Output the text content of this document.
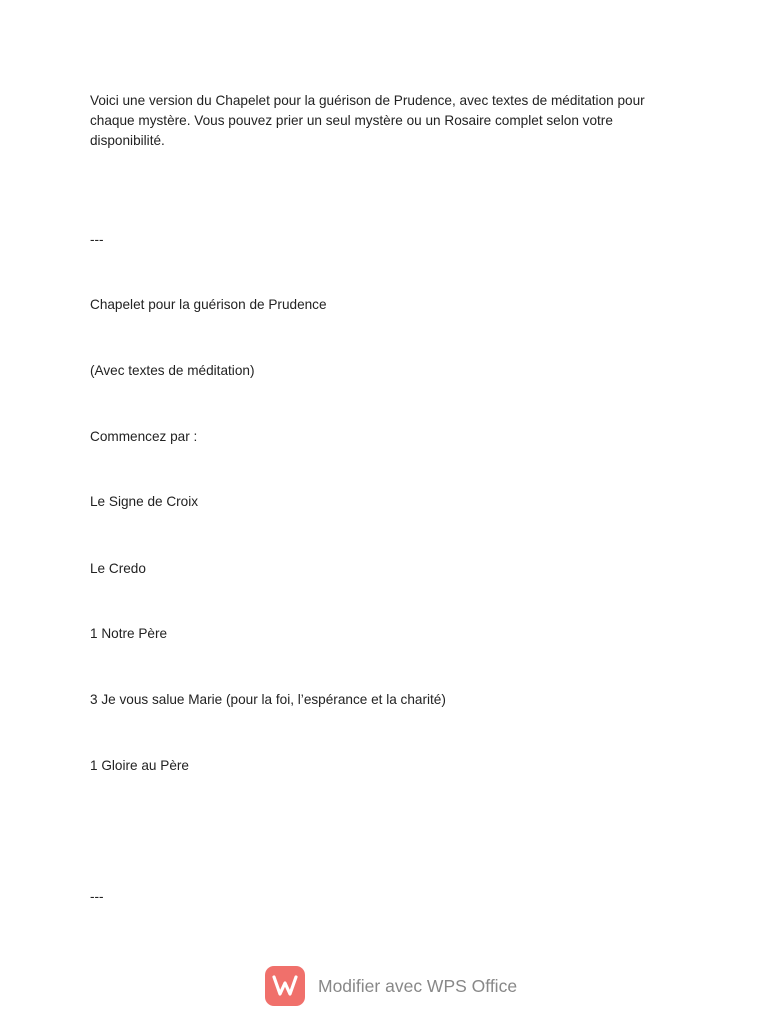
Voici une version du Chapelet pour la guérison de Prudence, avec textes de méditation pour
chaque mystère. Vous pouvez prier un seul mystère ou un Rosaire complet selon votre
disponibilité.
---
Chapelet pour la guérison de Prudence
(Avec textes de méditation)
Commencez par :
Le Signe de Croix
Le Credo
1 Notre Père
3 Je vous salue Marie (pour la foi, l’espérance et la charité)
1 Gloire au Père
---
Modifier avec WPS Office
